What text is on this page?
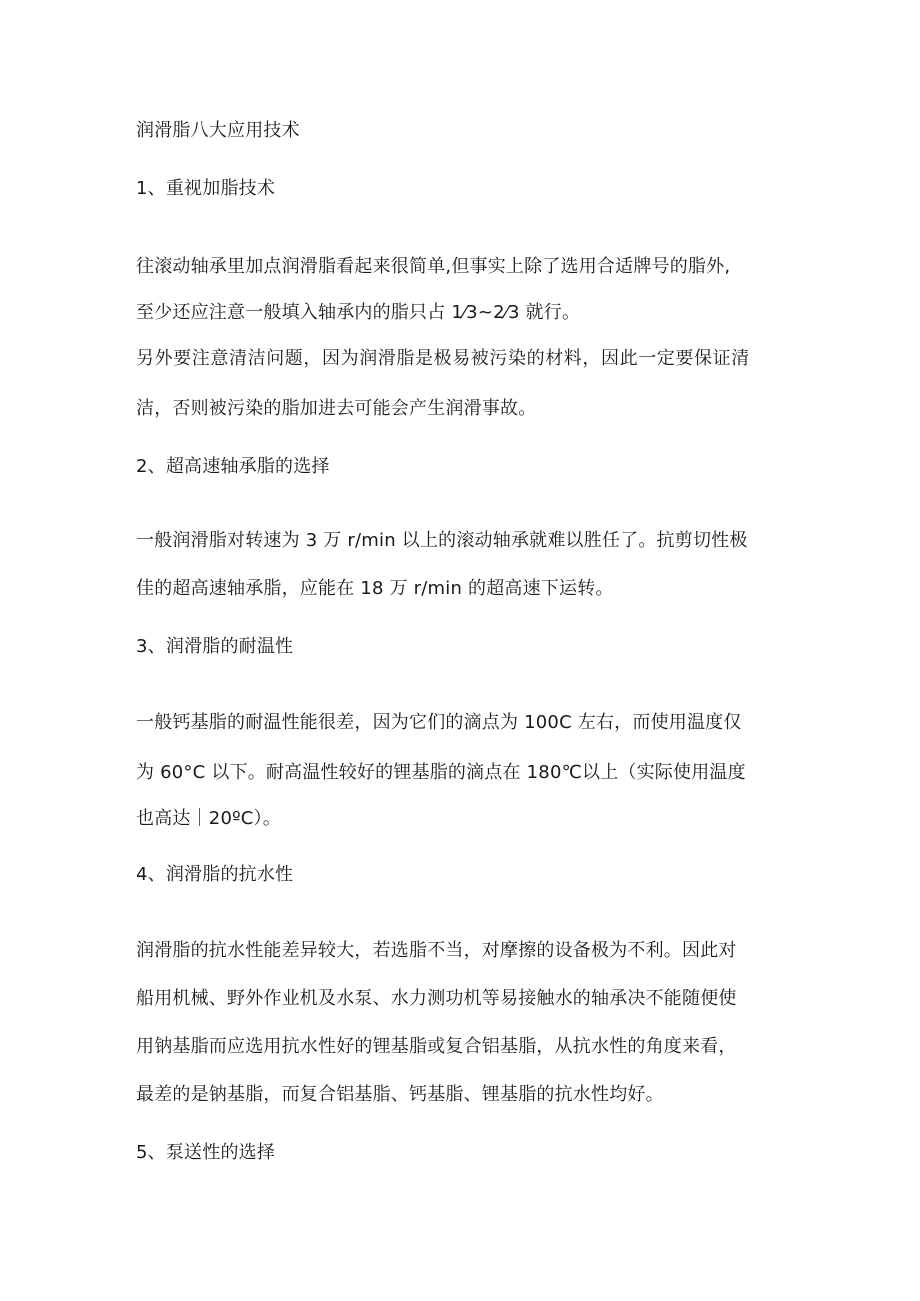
润滑脂八大应用技术
1、重视加脂技术
往滚动轴承里加点润滑脂看起来很简单,但事实上除了选用合适牌号的脂外,
至少还应注意一般填入轴承内的脂只占 1⁄3~2⁄3 就行。
另外要注意清洁问题，因为润滑脂是极易被污染的材料，因此一定要保证清
洁，否则被污染的脂加进去可能会产生润滑事故。
2、超高速轴承脂的选择
一般润滑脂对转速为 3 万 r/min 以上的滚动轴承就难以胜任了。抗剪切性极
佳的超高速轴承脂，应能在 18 万 r/min 的超高速下运转。
3、润滑脂的耐温性
一般钙基脂的耐温性能很差，因为它们的滴点为 100C 左右，而使用温度仅
为 60°C 以下。耐高温性较好的锂基脂的滴点在 180℃以上（实际使用温度
也高达｜20ºC）。
4、润滑脂的抗水性
润滑脂的抗水性能差异较大，若选脂不当，对摩擦的设备极为不利。因此对
船用机械、野外作业机及水泵、水力测功机等易接触水的轴承决不能随便使
用钠基脂而应选用抗水性好的锂基脂或复合铝基脂，从抗水性的角度来看，
最差的是钠基脂，而复合铝基脂、钙基脂、锂基脂的抗水性均好。
5、泵送性的选择
